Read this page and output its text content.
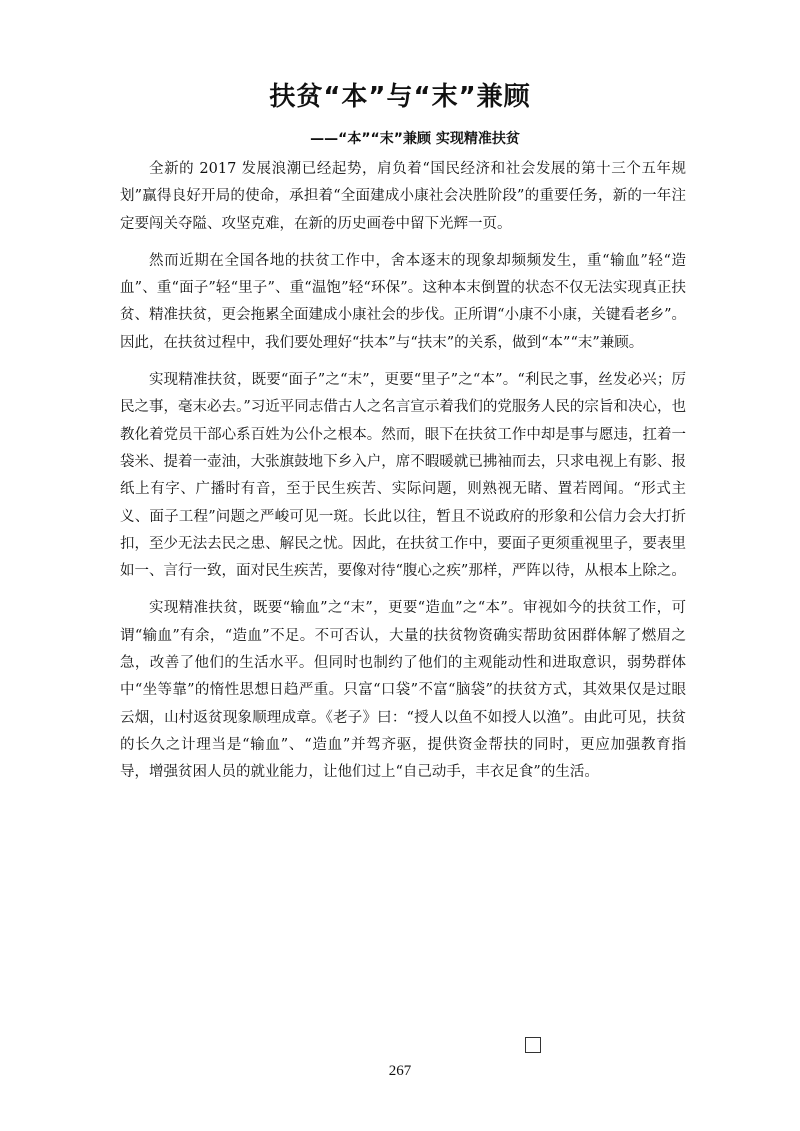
扶贫“本”与“末”兼顾
——“本”“末”兼顾 实现精准扶贫

全新的 2017 发展浪潮已经起势，肩负着“国民经济和社会发展的第十三个五年规划”赢得良好开局的使命，承担着“全面建成小康社会决胜阶段”的重要任务，新的一年注定要闯关夺隘、攻坚克难，在新的历史画卷中留下光辉一页。

然而近期在全国各地的扶贫工作中，舍本逐末的现象却频频发生，重“输血”轻“造血”、重“面子”轻“里子”、重“温饱”轻“环保”。这种本末倒置的状态不仅无法实现真正扶贫、精准扶贫，更会拖累全面建成小康社会的步伐。正所谓“小康不小康，关键看老乡”。因此，在扶贫过程中，我们要处理好“扶本”与“扶末”的关系，做到“本”“末”兼顾。

实现精准扶贫，既要“面子”之“末”，更要“里子”之“本”。“利民之事，丝发必兴；厉民之事，毫末必去。”习近平同志借古人之名言宣示着我们的党服务人民的宗旨和决心，也教化着党员干部心系百姓为公仆之根本。然而，眼下在扶贫工作中却是事与愿违，扛着一袋米、提着一壶油，大张旗鼓地下乡入户，席不暇暖就已拂袖而去，只求电视上有影、报纸上有字、广播时有音，至于民生疾苦、实际问题，则熟视无睹、置若罔闻。“形式主义、面子工程”问题之严峻可见一斑。长此以往，暂且不说政府的形象和公信力会大打折扣，至少无法去民之患、解民之忧。因此，在扶贫工作中，要面子更须重视里子，要表里如一、言行一致，面对民生疾苦，要像对待“腹心之疾”那样，严阵以待，从根本上除之。

实现精准扶贫，既要“输血”之“末”，更要“造血”之“本”。审视如今的扶贫工作，可谓“输血”有余，“造血”不足。不可否认，大量的扶贫物资确实帮助贫困群体解了燃眉之急，改善了他们的生活水平。但同时也制约了他们的主观能动性和进取意识，弱势群体中“坐等靠”的惰性思想日趋严重。只富“口袋”不富“脑袋”的扶贫方式，其效果仅是过眼云烟，山村返贫现象顺理成章。《老子》曰：“授人以鱼不如授人以渔”。由此可见，扶贫的长久之计理当是“输血”、“造血”并驾齐驱，提供资金帮扶的同时，更应加强教育指导，增强贫困人员的就业能力，让他们过上“自己动手，丰衣足食”的生活。

267
